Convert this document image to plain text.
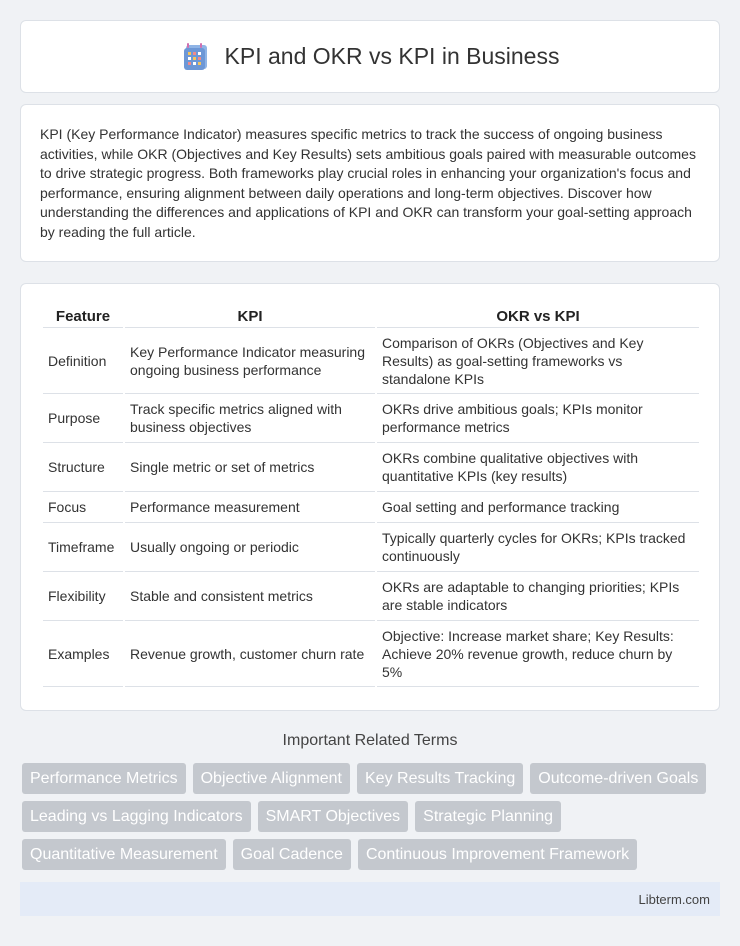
KPI and OKR vs KPI in Business

KPI (Key Performance Indicator) measures specific metrics to track the success of ongoing business activities, while OKR (Objectives and Key Results) sets ambitious goals paired with measurable outcomes to drive strategic progress. Both frameworks play crucial roles in enhancing your organization's focus and performance, ensuring alignment between daily operations and long-term objectives. Discover how understanding the differences and applications of KPI and OKR can transform your goal-setting approach by reading the full article.

Feature	KPI	OKR vs KPI
Definition	Key Performance Indicator measuring ongoing business performance	Comparison of OKRs (Objectives and Key Results) as goal-setting frameworks vs standalone KPIs
Purpose	Track specific metrics aligned with business objectives	OKRs drive ambitious goals; KPIs monitor performance metrics
Structure	Single metric or set of metrics	OKRs combine qualitative objectives with quantitative KPIs (key results)
Focus	Performance measurement	Goal setting and performance tracking
Timeframe	Usually ongoing or periodic	Typically quarterly cycles for OKRs; KPIs tracked continuously
Flexibility	Stable and consistent metrics	OKRs are adaptable to changing priorities; KPIs are stable indicators
Examples	Revenue growth, customer churn rate	Objective: Increase market share; Key Results: Achieve 20% revenue growth, reduce churn by 5%
Important Related Terms
Performance Metrics	Objective Alignment	Key Results Tracking	Outcome-driven Goals
Leading vs Lagging Indicators	SMART Objectives	Strategic Planning
Quantitative Measurement	Goal Cadence	Continuous Improvement Framework
Libterm.com
